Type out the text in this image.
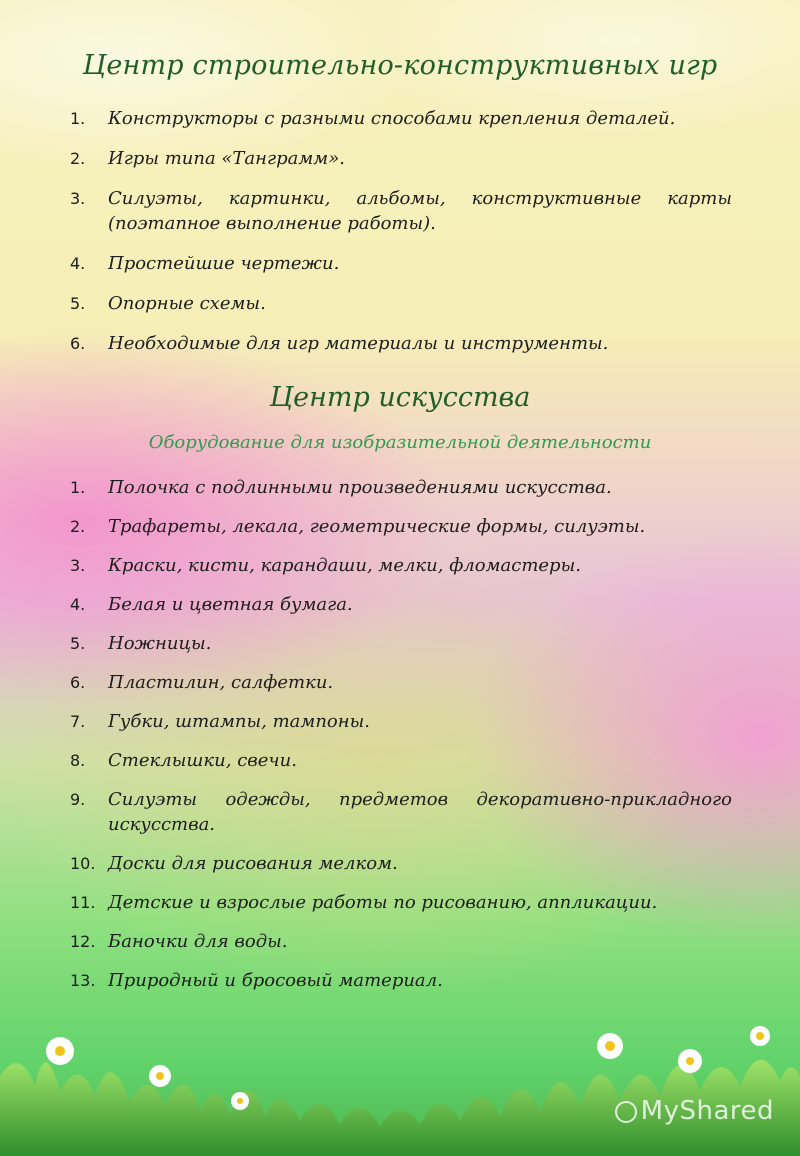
Центр строительно-конструктивных игр
1.	Конструкторы с разными способами крепления деталей.
2.	Игры типа «Танграмм».
3.	Силуэты, картинки, альбомы, конструктивные карты (поэтапное выполнение работы).
4.	Простейшие чертежи.
5.	Опорные схемы.
6.	Необходимые для игр материалы и инструменты.
Центр искусства
Оборудование для изобразительной деятельности
1.	Полочка с подлинными произведениями искусства.
2.	Трафареты, лекала, геометрические формы, силуэты.
3.	Краски, кисти, карандаши, мелки, фломастеры.
4.	Белая и цветная бумага.
5.	Ножницы.
6.	Пластилин, салфетки.
7.	Губки, штампы, тампоны.
8.	Стеклышки, свечи.
9.	Силуэты одежды, предметов декоративно-прикладного искусства.
10. Доски для рисования мелком.
11. Детские и взрослые работы по рисованию, аппликации.
12. Баночки для воды.
13. Природный и бросовый материал.
MyShared
